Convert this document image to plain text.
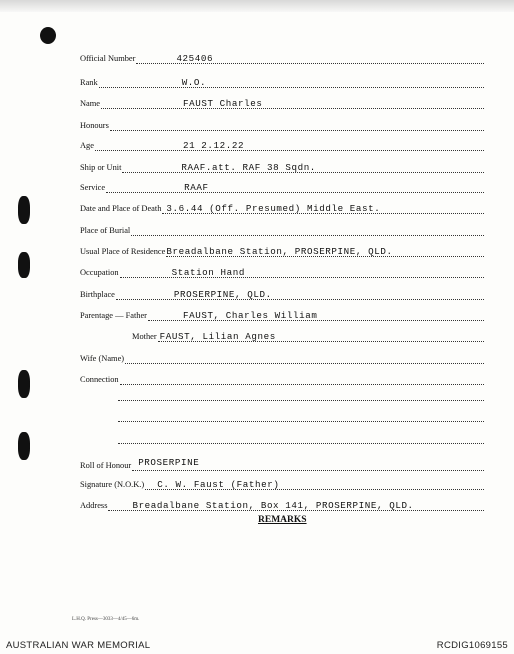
Official Number	425406
Rank	W.O.
Name	FAUST Charles
Honours
Age	21 2.12.22
Ship or Unit	RAAF.att. RAF 38 Sqdn.
Service	RAAF
Date and Place of Death 3.6.44 (Off. Presumed) Middle East.
Place of Burial
Usual Place of Residence Breadalbane Station, PROSERPINE, QLD.
Occupation	Station Hand
Birthplace	PROSERPINE, QLD.
Parentage — Father	FAUST, Charles William
Mother FAUST, Lilian Agnes
Wife (Name)
Connection
Roll of Honour PROSERPINE
Signature (N.O.K.) C. W. Faust (Father)
Address	Breadalbane Station, Box 141, PROSERPINE, QLD.
REMARKS
L.H.Q. Press—3033—4/45—6m.
AUSTRALIAN WAR MEMORIAL	RCDIG1069155
